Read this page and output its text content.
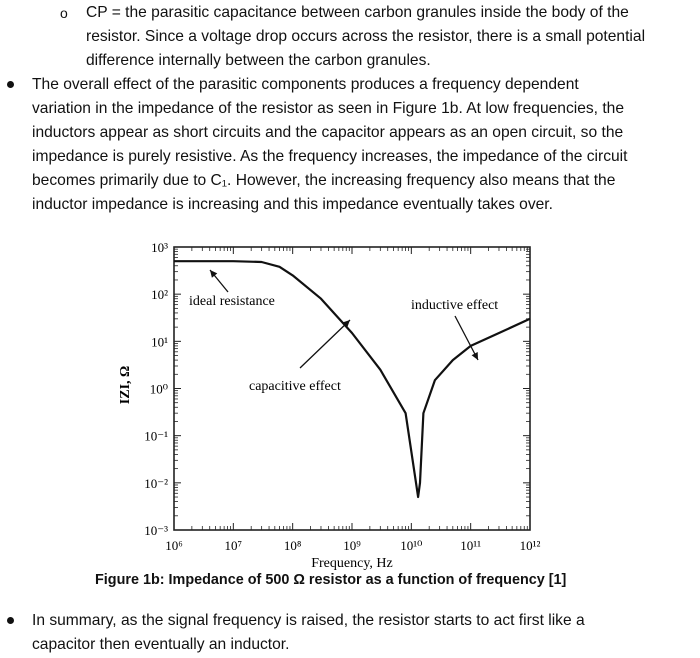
o CP = the parasitic capacitance between carbon granules inside the body of the
resistor. Since a voltage drop occurs across the resistor, there is a small potential
difference internally between the carbon granules.
The overall effect of the parasitic components produces a frequency dependent
variation in the impedance of the resistor as seen in Figure 1b. At low frequencies, the
inductors appear as short circuits and the capacitor appears as an open circuit, so the
impedance is purely resistive. As the frequency increases, the impedance of the circuit
becomes primarily due to C₁. However, the increasing frequency also means that the
inductor impedance is increasing and this impedance eventually takes over.
10⁶	10⁷	10⁸	10⁹	10¹⁰	10¹¹	10¹²
10³
10²
10¹
10⁰
10⁻¹
10⁻²
10⁻³
Frequency, Hz
IZI, Ω
ideal resistance
capacitive effect
inductive effect
Figure 1b: Impedance of 500 Ω resistor as a function of frequency [1]
In summary, as the signal frequency is raised, the resistor starts to act first like a
capacitor then eventually an inductor.
